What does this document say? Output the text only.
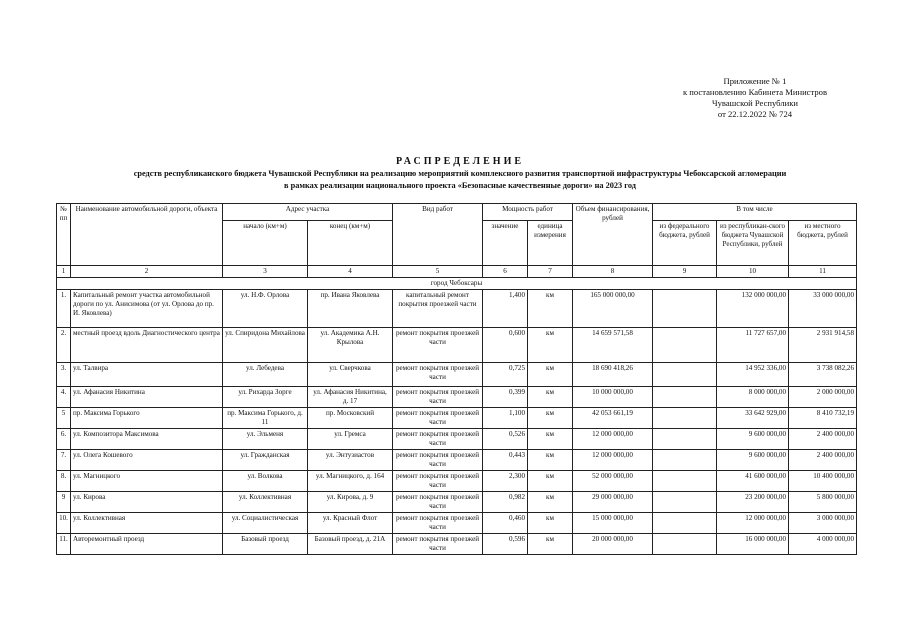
Приложение № 1
к постановлению Кабинета Министров
Чувашской Республики
от 22.12.2022 № 724
РАСПРЕДЕЛЕНИЕ
средств республиканского бюджета Чувашской Республики на реализацию мероприятий комплексного развития транспортной инфраструктуры Чебоксарской агломерации
в рамках реализации национального проекта «Безопасные качественные дороги» на 2023 год
№ пп	Наименование автомобильной дороги, объекта	Адрес участка		Вид работ	Мощность работ		Объем финансирования, рублей	В том числе		
		начало (км+м)	конец (км+м)		значение	единица измерения		из федерального бюджета, рублей	из республикан-ского бюджета Чувашской Республики, рублей	из местного бюджета, рублей
1	2	3	4	5	6	7	8	9	10	11
город Чебоксары										
1.	Капитальный ремонт участка автомобильной дороги по ул. Анисимова (от ул. Орлова до пр. И. Яковлева)	ул. Н.Ф. Орлова	пр. Ивана Яковлева	капитальный ремонт покрытия проезжей части	1,400	км	165 000 000,00		132 000 000,00	33 000 000,00
2.	местный проезд вдоль Диагностического центра	ул. Спиридона Михайлова	ул. Академика А.Н. Крылова	ремонт покрытия проезжей части	0,600	км	14 659 571,58		11 727 657,00	2 931 914,58
3.	ул. Талвира	ул. Лебедева	ул. Сверчкова	ремонт покрытия проезжей части	0,725	км	18 690 418,26		14 952 336,00	3 738 082,26
4.	ул. Афанасия Никитина	ул. Рихарда Зорге	ул. Афанасия Никитина, д. 17	ремонт покрытия проезжей части	0,399	км	10 000 000,00		8 000 000,00	2 000 000,00
5	пр. Максима Горького	пр. Максима Горького, д. 11	пр. Московский	ремонт покрытия проезжей части	1,100	км	42 053 661,19		33 642 929,00	8 410 732,19
6.	ул. Композитора Максимова	ул. Эльменя	ул. Гремса	ремонт покрытия проезжей части	0,526	км	12 000 000,00		9 600 000,00	2 400 000,00
7.	ул. Олега Кошевого	ул. Гражданская	ул. Энтузиастов	ремонт покрытия проезжей части	0,443	км	12 000 000,00		9 600 000,00	2 400 000,00
8.	ул. Магницкого	ул. Волкова	ул. Магницкого, д. 164	ремонт покрытия проезжей части	2,300	км	52 000 000,00		41 600 000,00	10 400 000,00
9	ул. Кирова	ул. Коллективная	ул. Кирова, д. 9	ремонт покрытия проезжей части	0,982	км	29 000 000,00		23 200 000,00	5 800 000,00
10.	ул. Коллективная	ул. Социалистическая	ул. Красный Флот	ремонт покрытия проезжей части	0,460	км	15 000 000,00		12 000 000,00	3 000 000,00
11.	Авторемонтный проезд	Базовый проезд	Базовый проезд, д. 21А	ремонт покрытия проезжей части	0,596	км	20 000 000,00		16 000 000,00	4 000 000,00
